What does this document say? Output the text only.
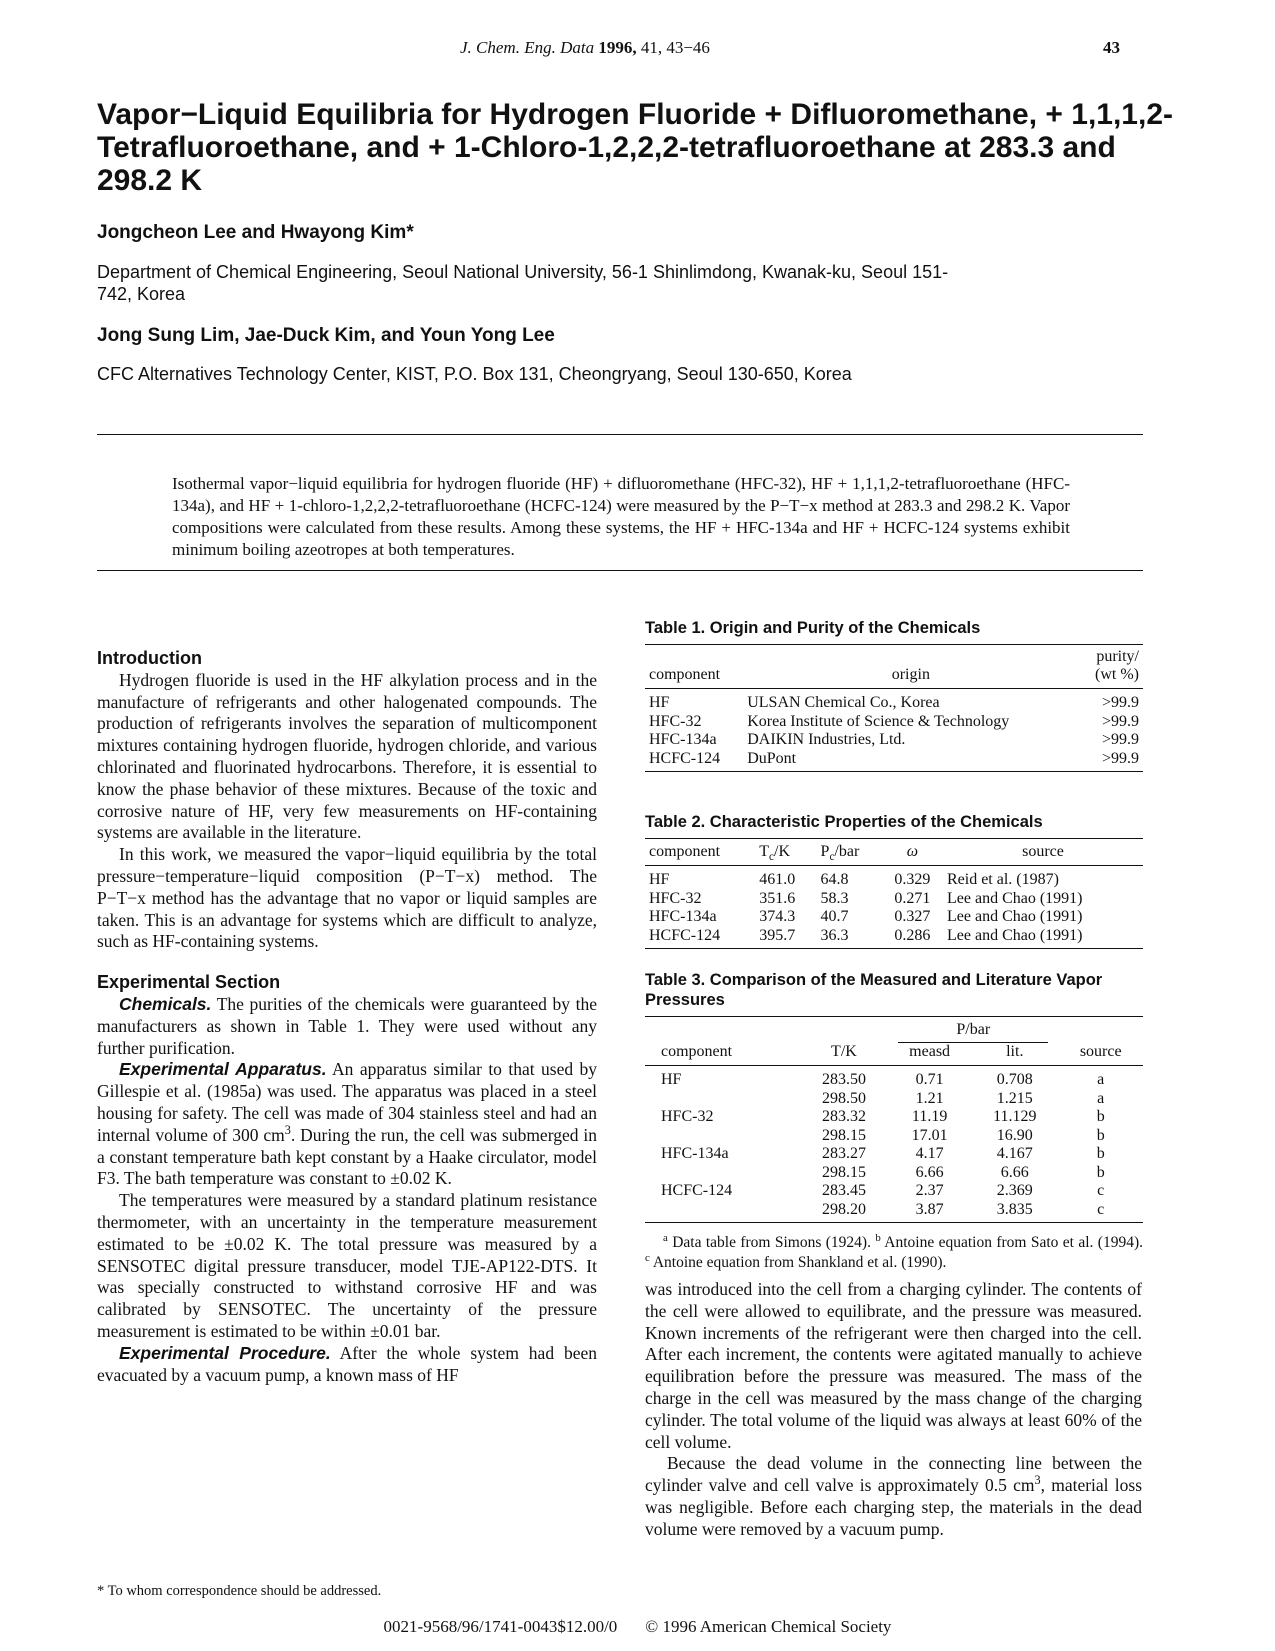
J. Chem. Eng. Data 1996, 41, 43−46	43
Vapor−Liquid Equilibria for Hydrogen Fluoride + Difluoromethane, + 1,1,1,2-Tetrafluoroethane, and + 1-Chloro-1,2,2,2-tetrafluoroethane at 283.3 and 298.2 K

Jongcheon Lee and Hwayong Kim*

Department of Chemical Engineering, Seoul National University, 56-1 Shinlimdong, Kwanak-ku, Seoul 151-742, Korea

Jong Sung Lim, Jae-Duck Kim, and Youn Yong Lee

CFC Alternatives Technology Center, KIST, P.O. Box 131, Cheongryang, Seoul 130-650, Korea
Isothermal vapor−liquid equilibria for hydrogen fluoride (HF) + difluoromethane (HFC-32), HF + 1,1,1,2-tetrafluoroethane (HFC-134a), and HF + 1-chloro-1,2,2,2-tetrafluoroethane (HCFC-124) were measured by the P−T−x method at 283.3 and 298.2 K. Vapor compositions were calculated from these results. Among these systems, the HF + HFC-134a and HF + HCFC-124 systems exhibit minimum boiling azeotropes at both temperatures.

Introduction

Hydrogen fluoride is used in the HF alkylation process and in the manufacture of refrigerants and other halogenated compounds. The production of refrigerants involves the separation of multicomponent mixtures containing hydrogen fluoride, hydrogen chloride, and various chlorinated and fluorinated hydrocarbons. Therefore, it is essential to know the phase behavior of these mixtures. Because of the toxic and corrosive nature of HF, very few measurements on HF-containing systems are available in the literature.

In this work, we measured the vapor−liquid equilibria by the total pressure−temperature−liquid composition (P−T−x) method. The P−T−x method has the advantage that no vapor or liquid samples are taken. This is an advantage for systems which are difficult to analyze, such as HF-containing systems.

Experimental Section

Chemicals. The purities of the chemicals were guaranteed by the manufacturers as shown in Table 1. They were used without any further purification.

Experimental Apparatus. An apparatus similar to that used by Gillespie et al. (1985a) was used. The apparatus was placed in a steel housing for safety. The cell was made of 304 stainless steel and had an internal volume of 300 $cm^3$. During the run, the cell was submerged in a constant temperature bath kept constant by a Haake circulator, model F3. The bath temperature was constant to ±0.02 K.

The temperatures were measured by a standard platinum resistance thermometer, with an uncertainty in the temperature measurement estimated to be ±0.02 K. The total pressure was measured by a SENSOTEC digital pressure transducer, model TJE-AP122-DTS. It was specially constructed to withstand corrosive HF and was calibrated by SENSOTEC. The uncertainty of the pressure measurement is estimated to be within ±0.01 bar.

Experimental Procedure. After the whole system had been evacuated by a vacuum pump, a known mass of HF

Table 1. Origin and Purity of the Chemicals

component	origin	purity/
(wt %)
HF	ULSAN Chemical Co., Korea	>99.9
HFC-32	Korea Institute of Science & Technology	>99.9
HFC-134a	DAIKIN Industries, Ltd.	>99.9
HCFC-124	DuPont	>99.9

Table 2. Characteristic Properties of the Chemicals

component	$T_c/K$	$P_c$/bar	ω	source
HF	461.0	64.8	0.329	Reid et al. (1987)
HFC-32	351.6	58.3	0.271	Lee and Chao (1991)
HFC-134a	374.3	40.7	0.327	Lee and Chao (1991)
HCFC-124	395.7	36.3	0.286	Lee and Chao (1991)

Table 3. Comparison of the Measured and Literature Vapor Pressures

		P/bar		

component	T/K	measd	lit.	source
HF	283.50	0.71	0.708	a
	298.50	1.21	1.215	a
HFC-32	283.32	11.19	11.129	b
	298.15	17.01	16.90	b
HFC-134a	283.27	4.17	4.167	b
	298.15	6.66	6.66	b
HCFC-124	283.45	2.37	2.369	c
	298.20	3.87	3.835	c
$^a$ Data table from Simons (1924). $^b$ Antoine equation from Sato et al. (1994). $^c$ Antoine equation from Shankland et al. (1990).

was introduced into the cell from a charging cylinder. The contents of the cell were allowed to equilibrate, and the pressure was measured. Known increments of the refrigerant were then charged into the cell. After each increment, the contents were agitated manually to achieve equilibration before the pressure was measured. The mass of the charge in the cell was measured by the mass change of the charging cylinder. The total volume of the liquid was always at least 60% of the cell volume.

Because the dead volume in the connecting line between the cylinder valve and cell valve is approximately 0.5 $cm^3$, material loss was negligible. Before each charging step, the materials in the dead volume were removed by a vacuum pump.

* To whom correspondence should be addressed.
0021-9568/96/1741-0043$12.00/0 © 1996 American Chemical Society
